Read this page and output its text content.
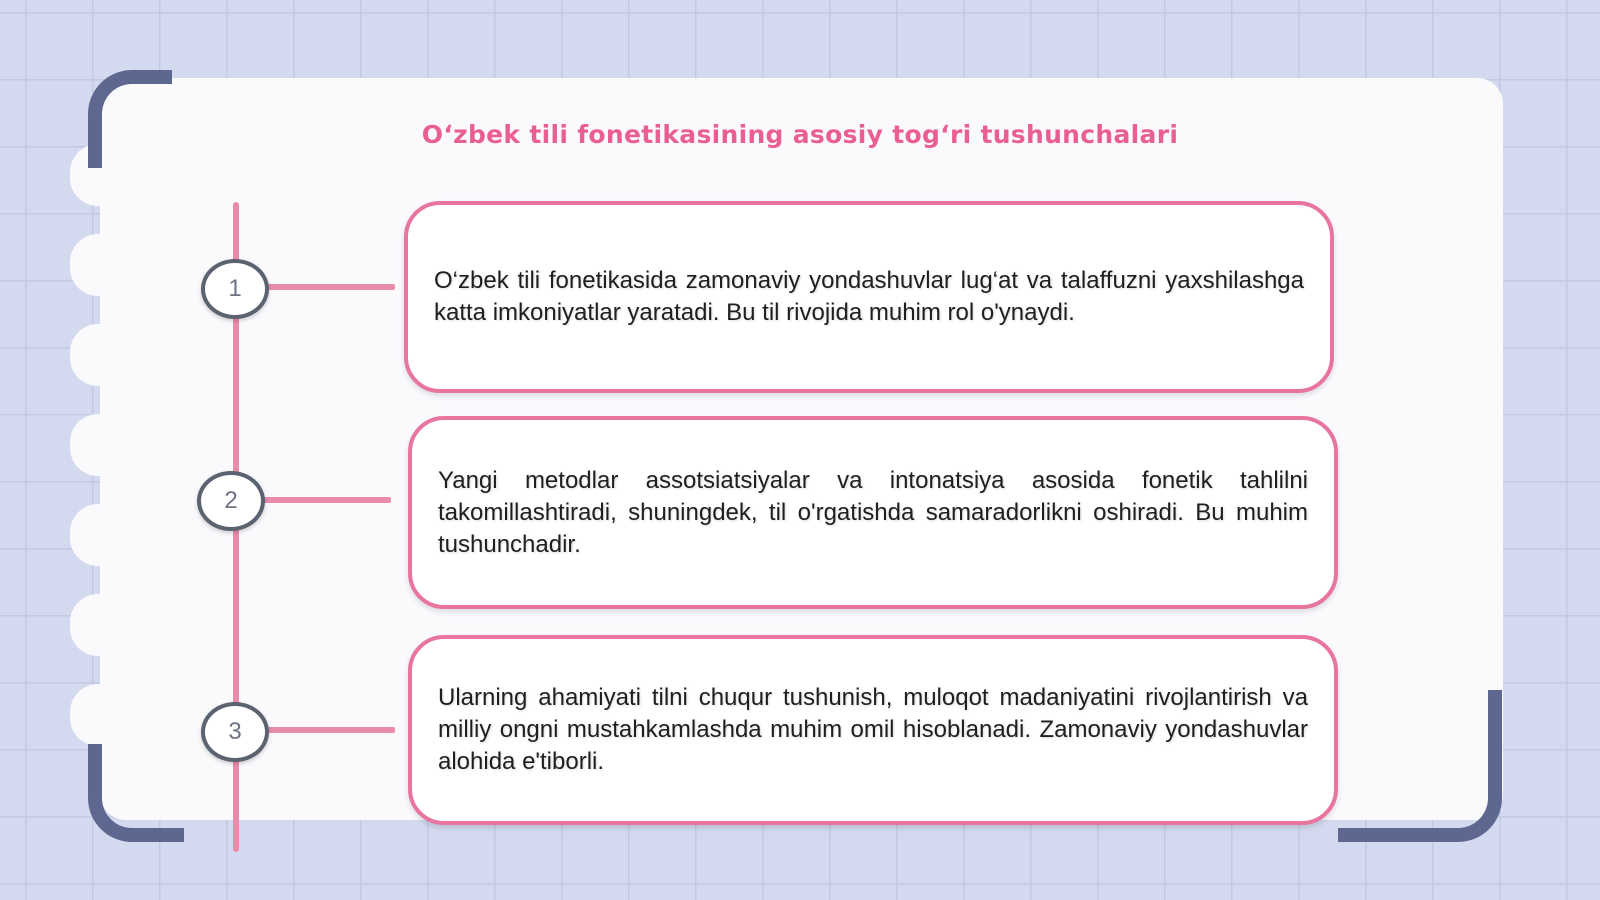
Oʻzbek tili fonetikasining asosiy togʻri tushunchalari
1
2
3

O‘zbek tili fonetikasida zamonaviy yondashuvlar lug‘at va talaffuzni yaxshilashga katta imkoniyatlar yaratadi. Bu til rivojida muhim rol o'ynaydi.

Yangi metodlar assotsiatsiyalar va intonatsiya asosida fonetik tahlilni takomillashtiradi, shuningdek, til o'rgatishda samaradorlikni oshiradi. Bu muhim tushunchadir.

Ularning ahamiyati tilni chuqur tushunish, muloqot madaniyatini rivojlantirish va milliy ongni mustahkamlashda muhim omil hisoblanadi. Zamonaviy yondashuvlar alohida e'tiborli.
